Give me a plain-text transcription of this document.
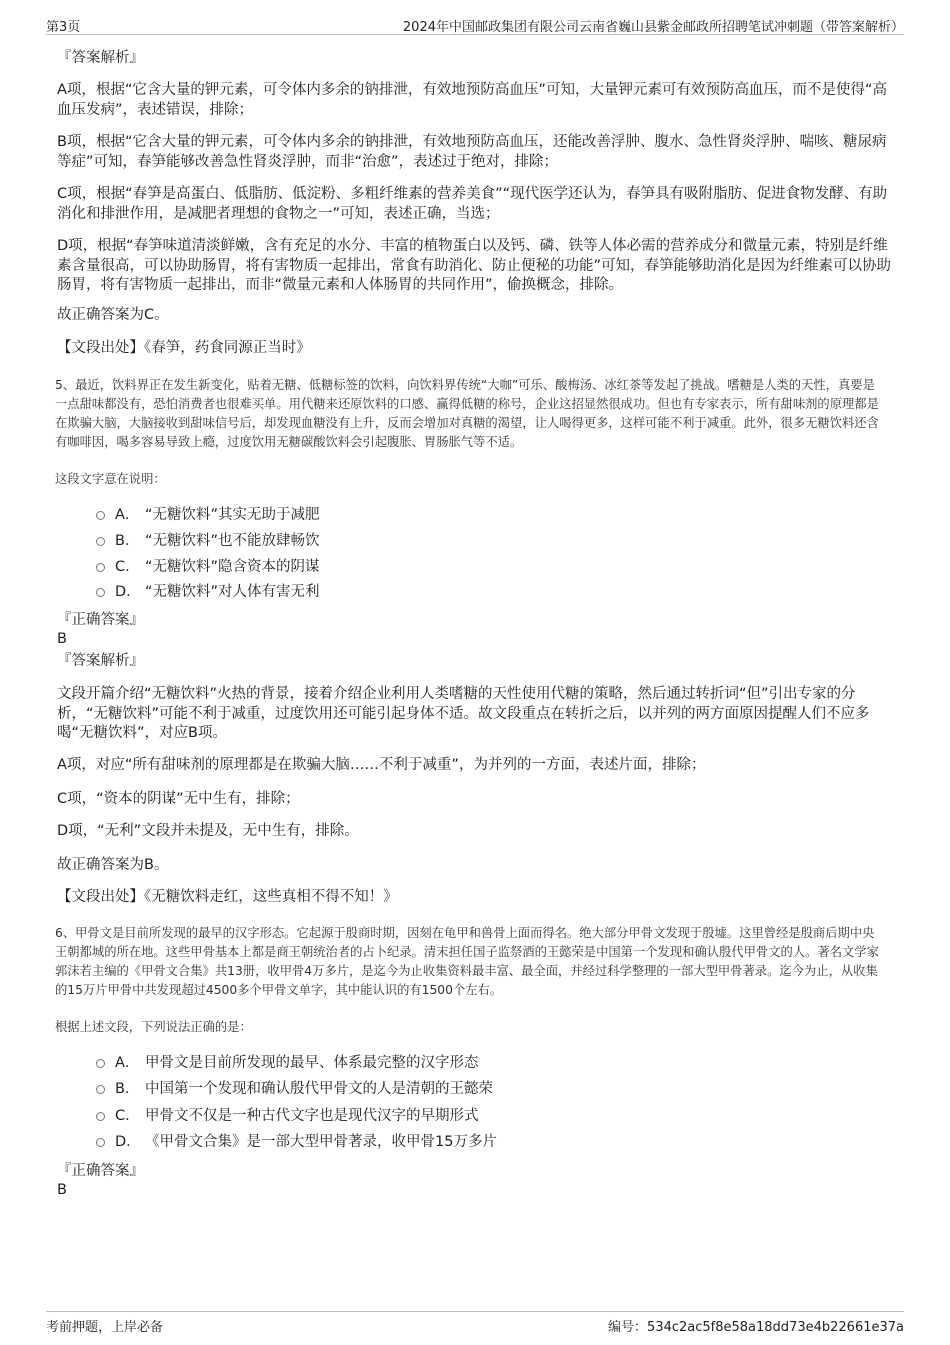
第3页	2024年中国邮政集团有限公司云南省巍山县紫金邮政所招聘笔试冲刺题（带答案解析）
『答案解析』
A项，根据“它含大量的钾元素，可令体内多余的钠排泄，有效地预防高血压”可知，大量钾元素可有效预防高血压，而不是使得“高血压发病”，表述错误，排除；
B项，根据“它含大量的钾元素，可令体内多余的钠排泄，有效地预防高血压，还能改善浮肿、腹水、急性肾炎浮肿、喘咳、糖尿病等症”可知，春笋能够改善急性肾炎浮肿，而非“治愈”，表述过于绝对，排除；
C项，根据“春笋是高蛋白、低脂肪、低淀粉、多粗纤维素的营养美食”“现代医学还认为，春笋具有吸附脂肪、促进食物发酵、有助消化和排泄作用，是减肥者理想的食物之一”可知，表述正确，当选；
D项，根据“春笋味道清淡鲜嫩，含有充足的水分、丰富的植物蛋白以及钙、磷、铁等人体必需的营养成分和微量元素，特别是纤维素含量很高，可以协助肠胃，将有害物质一起排出，常食有助消化、防止便秘的功能”可知，春笋能够助消化是因为纤维素可以协助肠胃，将有害物质一起排出，而非“微量元素和人体肠胃的共同作用”，偷换概念，排除。
故正确答案为C。
【文段出处】《春笋，药食同源正当时》
5、最近，饮料界正在发生新变化，贴着无糖、低糖标签的饮料，向饮料界传统“大咖”可乐、酸梅汤、冰红茶等发起了挑战。嗜糖是人类的天性，真要是一点甜味都没有，恐怕消费者也很难买单。用代糖来还原饮料的口感、赢得低糖的称号，企业这招显然很成功。但也有专家表示，所有甜味剂的原理都是在欺骗大脑，大脑接收到甜味信号后，却发现血糖没有上升，反而会增加对真糖的渴望，让人喝得更多，这样可能不利于减重。此外，很多无糖饮料还含有咖啡因，喝多容易导致上瘾，过度饮用无糖碳酸饮料会引起腹胀、胃肠胀气等不适。
这段文字意在说明：
A． “无糖饮料”其实无助于减肥
B． “无糖饮料”也不能放肆畅饮
C． “无糖饮料”隐含资本的阴谋
D． “无糖饮料”对人体有害无利
『正确答案』
B
『答案解析』
文段开篇介绍“无糖饮料”火热的背景，接着介绍企业利用人类嗜糖的天性使用代糖的策略，然后通过转折词“但”引出专家的分析，“无糖饮料”可能不利于减重，过度饮用还可能引起身体不适。故文段重点在转折之后，以并列的两方面原因提醒人们不应多喝“无糖饮料”，对应B项。
A项，对应“所有甜味剂的原理都是在欺骗大脑……不利于减重”，为并列的一方面，表述片面，排除；
C项，“资本的阴谋”无中生有，排除；
D项，“无利”文段并未提及，无中生有，排除。
故正确答案为B。
【文段出处】《无糖饮料走红，这些真相不得不知！》
6、甲骨文是目前所发现的最早的汉字形态。它起源于殷商时期，因刻在龟甲和兽骨上面而得名。绝大部分甲骨文发现于殷墟。这里曾经是殷商后期中央王朝都城的所在地。这些甲骨基本上都是商王朝统治者的占卜纪录。清末担任国子监祭酒的王懿荣是中国第一个发现和确认殷代甲骨文的人。著名文学家郭沫若主编的《甲骨文合集》共13册，收甲骨4万多片，是迄今为止收集资料最丰富、最全面，并经过科学整理的一部大型甲骨著录。迄今为止，从收集的15万片甲骨中共发现超过4500多个甲骨文单字，其中能认识的有1500个左右。
根据上述文段，下列说法正确的是：
A． 甲骨文是目前所发现的最早、体系最完整的汉字形态
B． 中国第一个发现和确认殷代甲骨文的人是清朝的王懿荣
C． 甲骨文不仅是一种古代文字也是现代汉字的早期形式
D． 《甲骨文合集》是一部大型甲骨著录，收甲骨15万多片
『正确答案』
B
考前押题，上岸必备	编号：534c2ac5f8e58a18dd73e4b22661e37a
